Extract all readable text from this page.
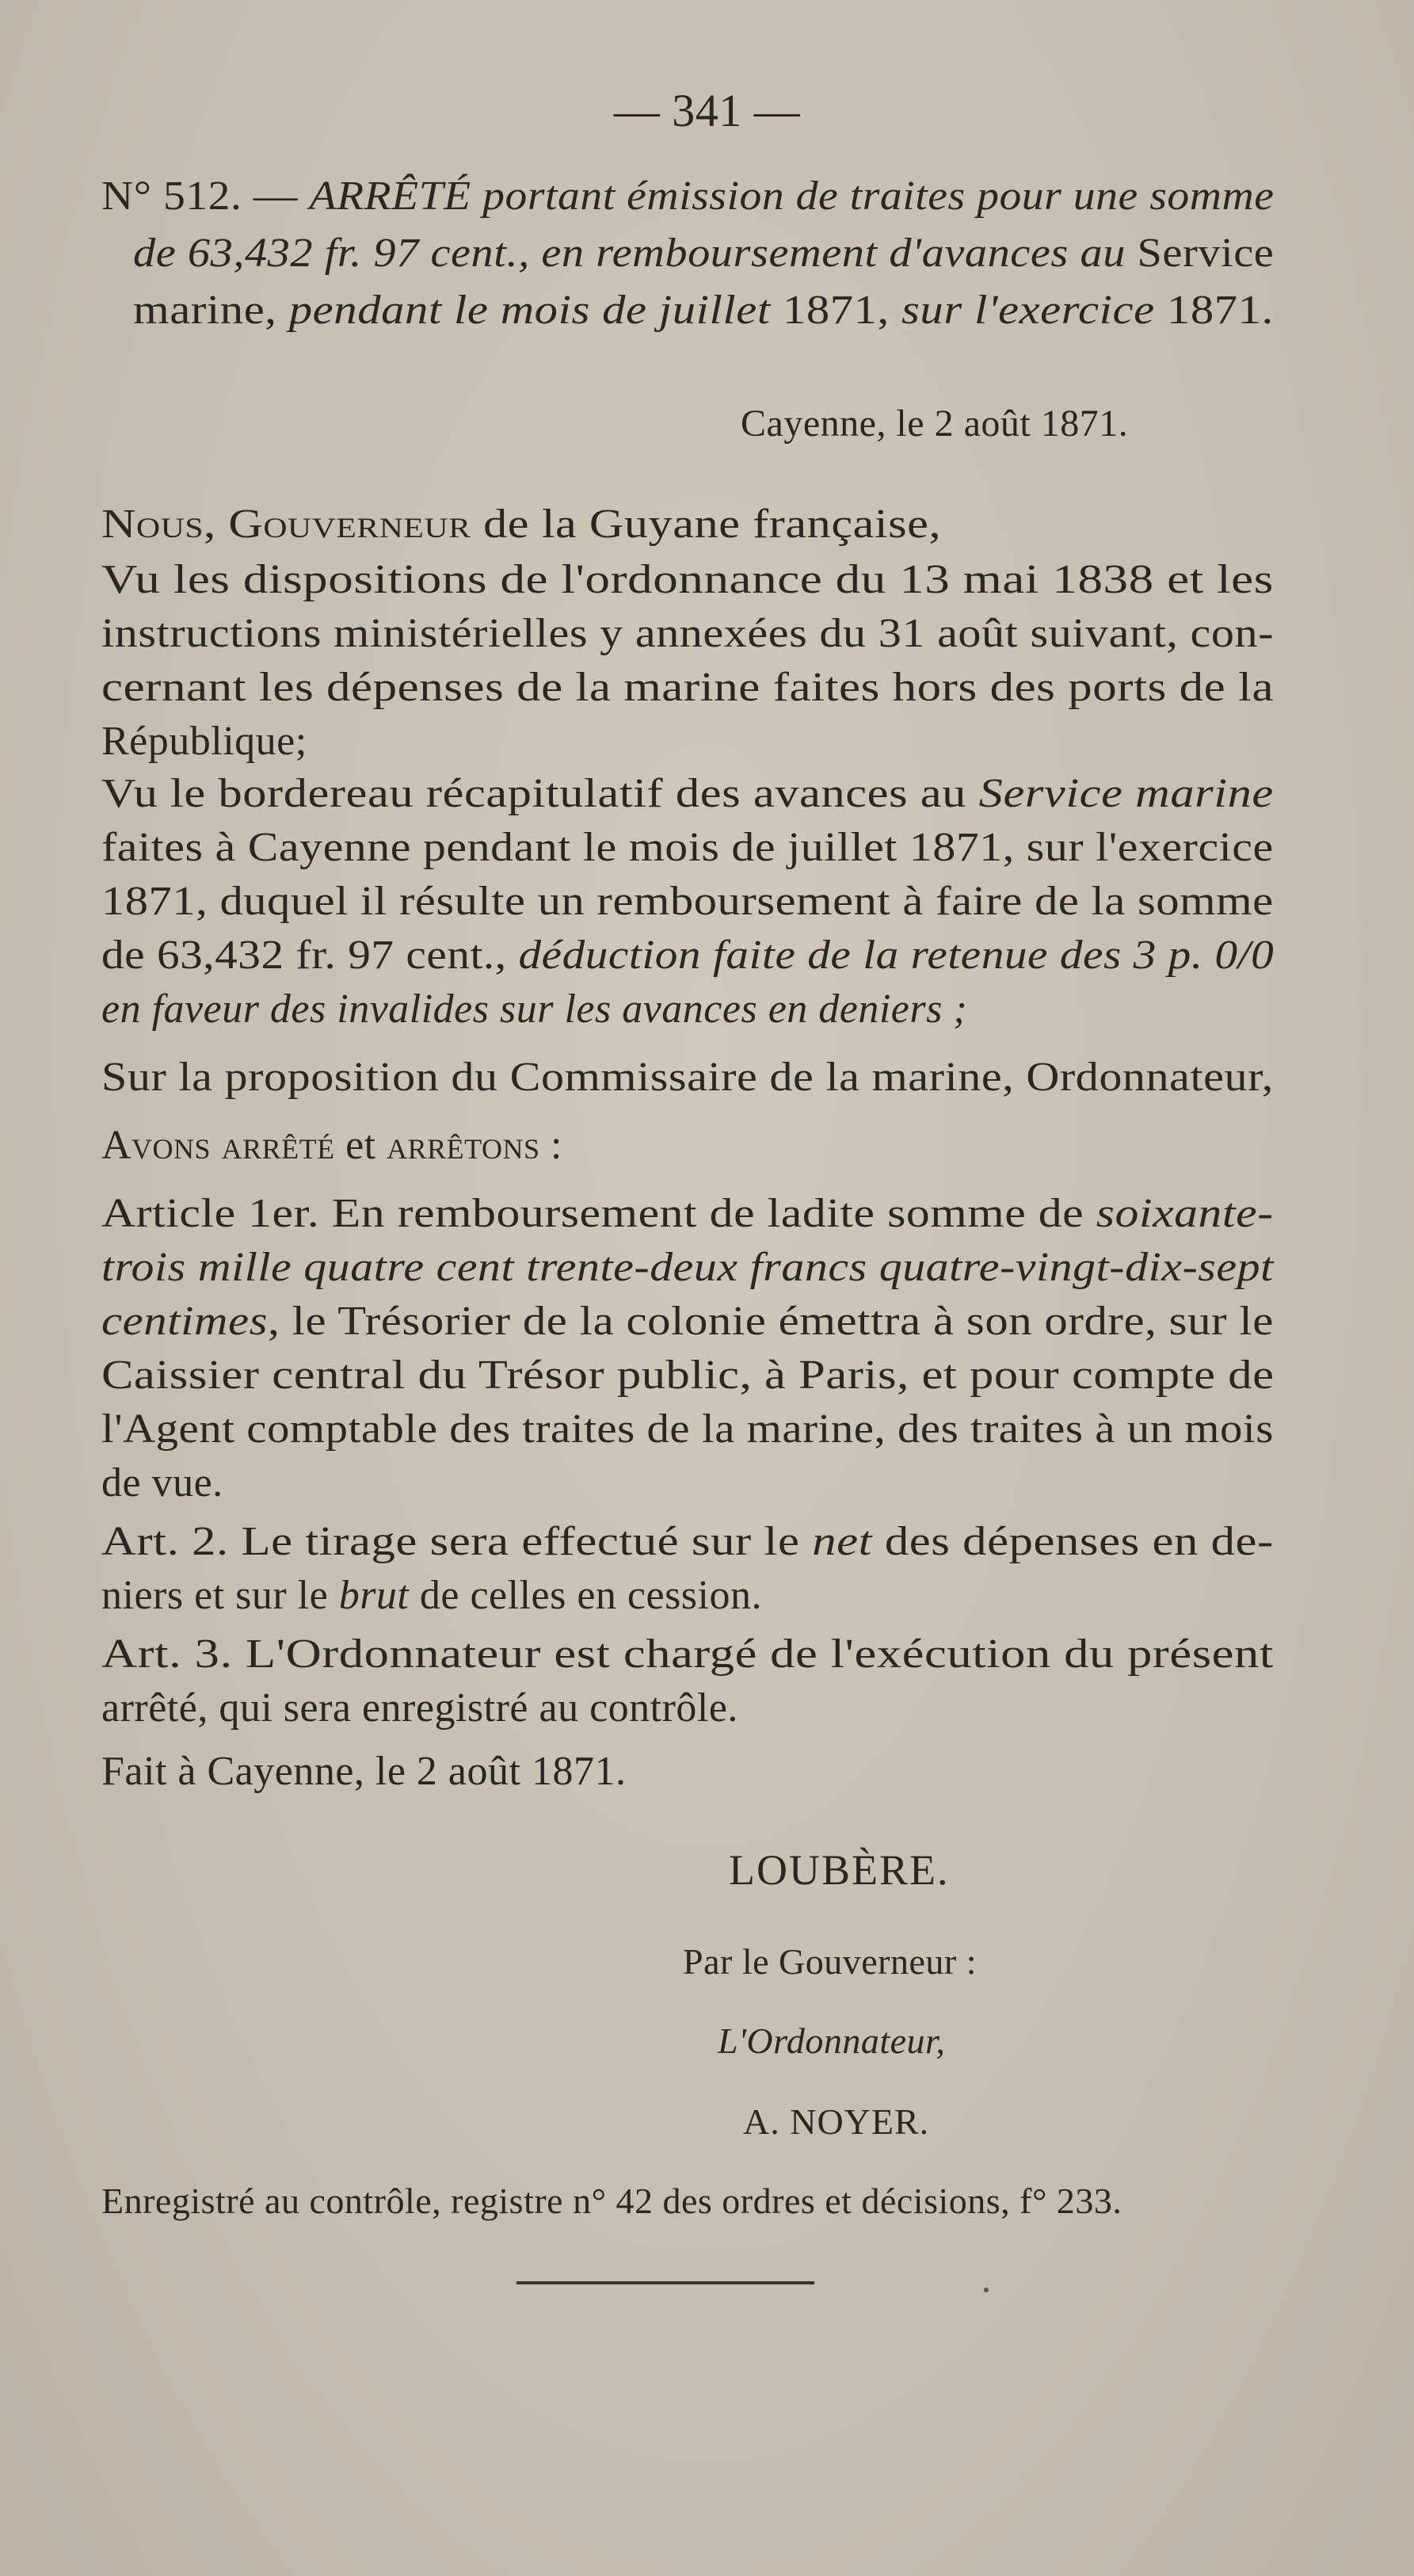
— 341 —
N° 512. — ARRÊTÉ portant émission de traites pour une somme
de 63,432 fr. 97 cent., en remboursement d'avances au Service
marine, pendant le mois de juillet 1871, sur l'exercice 1871.
Cayenne, le 2 août 1871.
Nous, Gouverneur de la Guyane française,
Vu les dispositions de l'ordonnance du 13 mai 1838 et les
instructions ministérielles y annexées du 31 août suivant, con-
cernant les dépenses de la marine faites hors des ports de la
République;
Vu le bordereau récapitulatif des avances au Service marine
faites à Cayenne pendant le mois de juillet 1871, sur l'exercice
1871, duquel il résulte un remboursement à faire de la somme
de 63,432 fr. 97 cent., déduction faite de la retenue des 3 p. 0/0
en faveur des invalides sur les avances en deniers ;
Sur la proposition du Commissaire de la marine, Ordonnateur,
Avons arrêté et arrêtons :
Article 1er. En remboursement de ladite somme de soixante-
trois mille quatre cent trente-deux francs quatre-vingt-dix-sept
centimes, le Trésorier de la colonie émettra à son ordre, sur le
Caissier central du Trésor public, à Paris, et pour compte de
l'Agent comptable des traites de la marine, des traites à un mois
de vue.
Art. 2. Le tirage sera effectué sur le net des dépenses en de-
niers et sur le brut de celles en cession.
Art. 3. L'Ordonnateur est chargé de l'exécution du présent
arrêté, qui sera enregistré au contrôle.
Fait à Cayenne, le 2 août 1871.
LOUBÈRE.
Par le Gouverneur :
L'Ordonnateur,
A. NOYER.
Enregistré au contrôle, registre n° 42 des ordres et décisions, f° 233.
